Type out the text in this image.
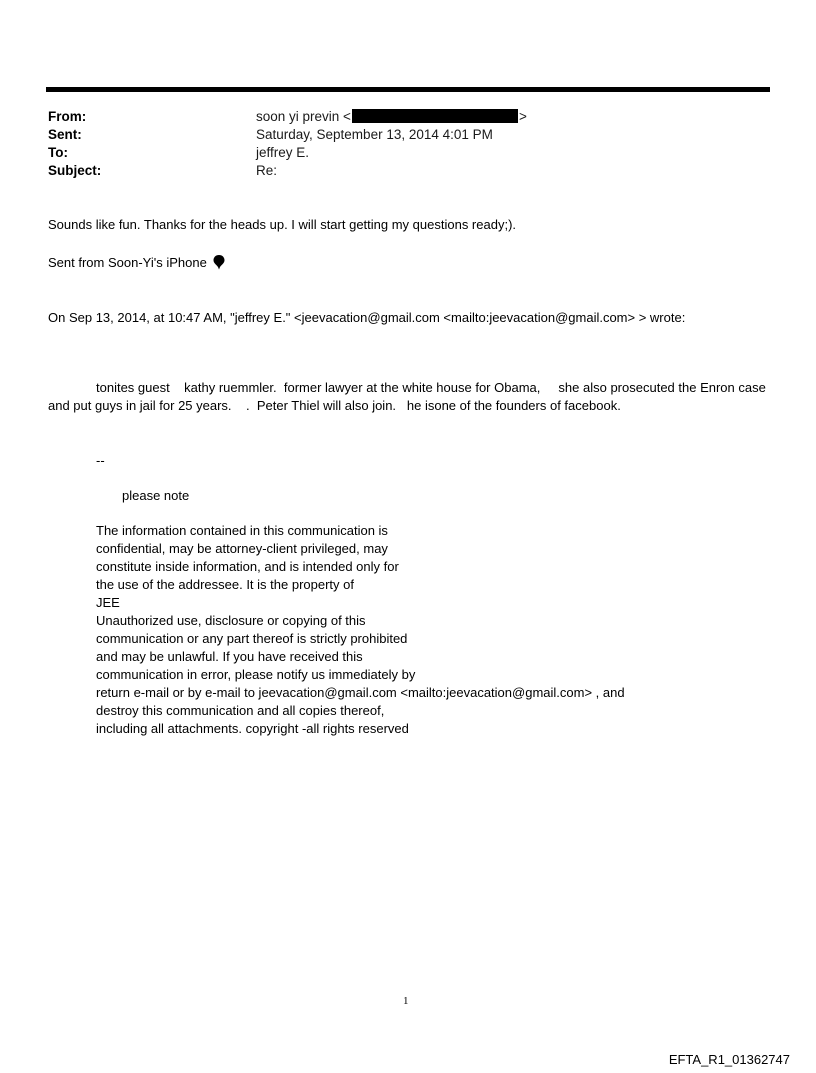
From:	soon yi previn <	>
Sent:	Saturday, September 13, 2014 4:01 PM
To:	jeffrey E.
Subject:	Re:
Sounds like fun. Thanks for the heads up. I will start getting my questions ready;).
Sent from Soon-Yi's iPhone
On Sep 13, 2014, at 10:47 AM, "jeffrey E." <jeevacation@gmail.com <mailto:jeevacation@gmail.com> > wrote:
tonites guest    kathy ruemmler.  former lawyer at the white house for Obama,     she also prosecuted the Enron case and put guys in jail for 25 years.    .  Peter Thiel will also join.   he isone of the founders of facebook.
--
please note
The information contained in this communication is
confidential, may be attorney-client privileged, may
constitute inside information, and is intended only for
the use of the addressee. It is the property of
JEE
Unauthorized use, disclosure or copying of this
communication or any part thereof is strictly prohibited
and may be unlawful. If you have received this
communication in error, please notify us immediately by
return e-mail or by e-mail to jeevacation@gmail.com <mailto:jeevacation@gmail.com> , and
destroy this communication and all copies thereof,
including all attachments. copyright -all rights reserved
1
EFTA_R1_01362747
